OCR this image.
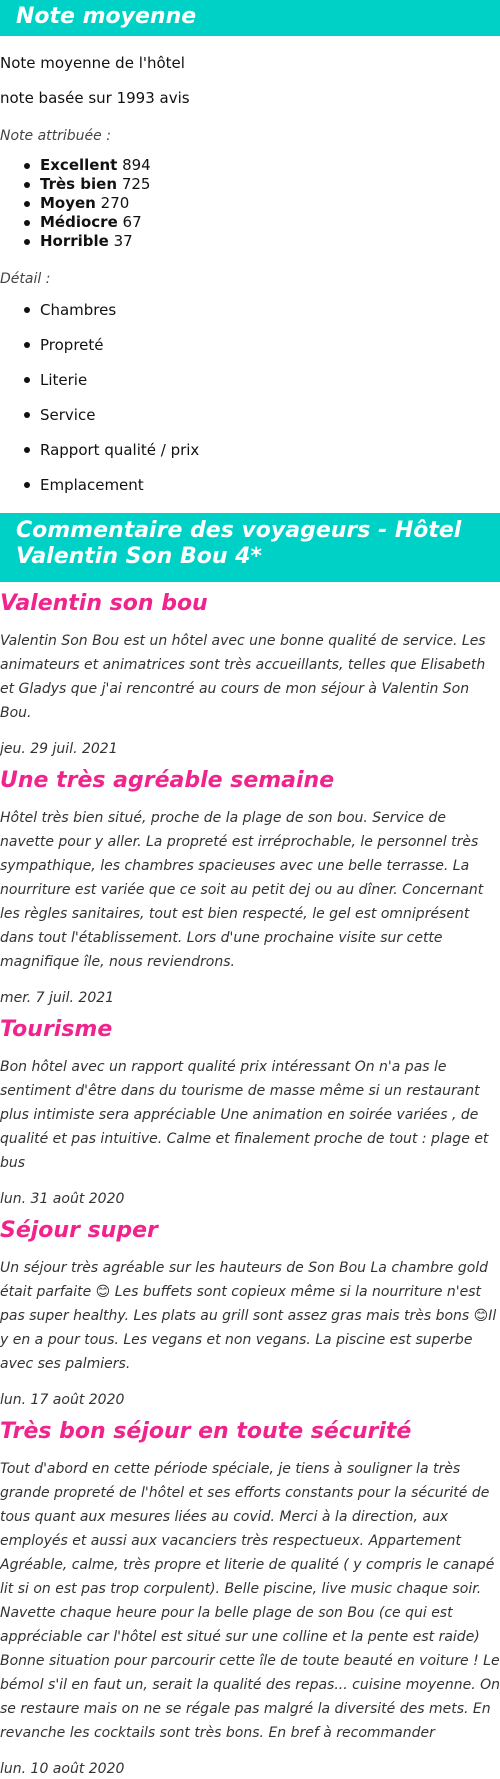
Note moyenne

Note moyenne de l'hôtel

note basée sur 1993 avis

Note attribuée :

Excellent 894
Très bien 725
Moyen 270
Médiocre 67
Horrible 37

Détail :

Chambres
Propreté
Literie
Service
Rapport qualité / prix
Emplacement
Commentaire des voyageurs - Hôtel Valentin Son Bou 4*
Valentin son bou

Valentin Son Bou est un hôtel avec une bonne qualité de service. Les animateurs et animatrices sont très accueillants, telles que Elisabeth et Gladys que j'ai rencontré au cours de mon séjour à Valentin Son Bou.

jeu. 29 juil. 2021

Une très agréable semaine

Hôtel très bien situé, proche de la plage de son bou. Service de navette pour y aller. La propreté est irréprochable, le personnel très sympathique, les chambres spacieuses avec une belle terrasse. La nourriture est variée que ce soit au petit dej ou au dîner. Concernant les règles sanitaires, tout est bien respecté, le gel est omniprésent dans tout l'établissement. Lors d'une prochaine visite sur cette magnifique île, nous reviendrons.

mer. 7 juil. 2021

Tourisme

Bon hôtel avec un rapport qualité prix intéressant On n'a pas le sentiment d'être dans du tourisme de masse même si un restaurant plus intimiste sera appréciable Une animation en soirée variées , de qualité et pas intuitive. Calme et finalement proche de tout : plage et bus

lun. 31 août 2020

Séjour super

Un séjour très agréable sur les hauteurs de Son Bou La chambre gold était parfaite 😊 Les buffets sont copieux même si la nourriture n'est pas super healthy. Les plats au grill sont assez gras mais très bons 😊Il y en a pour tous. Les vegans et non vegans. La piscine est superbe avec ses palmiers.

lun. 17 août 2020

Très bon séjour en toute sécurité

Tout d'abord en cette période spéciale, je tiens à souligner la très grande propreté de l'hôtel et ses efforts constants pour la sécurité de tous quant aux mesures liées au covid. Merci à la direction, aux employés et aussi aux vacanciers très respectueux. Appartement Agréable, calme, très propre et literie de qualité ( y compris le canapé lit si on est pas trop corpulent). Belle piscine, live music chaque soir. Navette chaque heure pour la belle plage de son Bou (ce qui est appréciable car l'hôtel est situé sur une colline et la pente est raide) Bonne situation pour parcourir cette île de toute beauté en voiture ! Le bémol s'il en faut un, serait la qualité des repas... cuisine moyenne. On se restaure mais on ne se régale pas malgré la diversité des mets. En revanche les cocktails sont très bons. En bref à recommander

lun. 10 août 2020
